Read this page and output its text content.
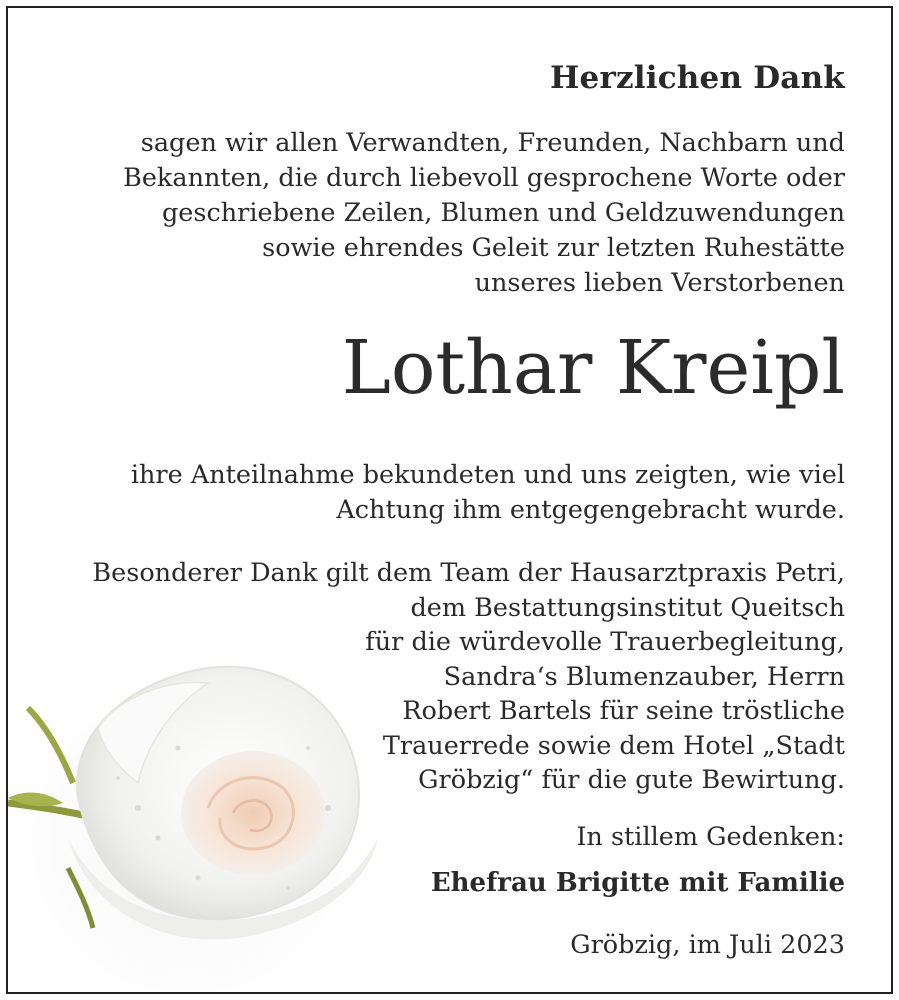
Herzlichen Dank

sagen wir allen Verwandten, Freunden, Nachbarn und

Bekannten, die durch liebevoll gesprochene Worte oder

geschriebene Zeilen, Blumen und Geldzuwendungen

sowie ehrendes Geleit zur letzten Ruhestätte

unseres lieben Verstorbenen

Lothar Kreipl

ihre Anteilnahme bekundeten und uns zeigten, wie viel

Achtung ihm entgegengebracht wurde.

Besonderer Dank gilt dem Team der Hausarztpraxis Petri,

dem Bestattungsinstitut Queitsch

für die würdevolle Trauerbegleitung,

Sandra‘s Blumenzauber, Herrn

Robert Bartels für seine tröstliche

Trauerrede sowie dem Hotel „Stadt

Gröbzig“ für die gute Bewirtung.

In stillem Gedenken:

Ehefrau Brigitte mit Familie

Gröbzig, im Juli 2023
